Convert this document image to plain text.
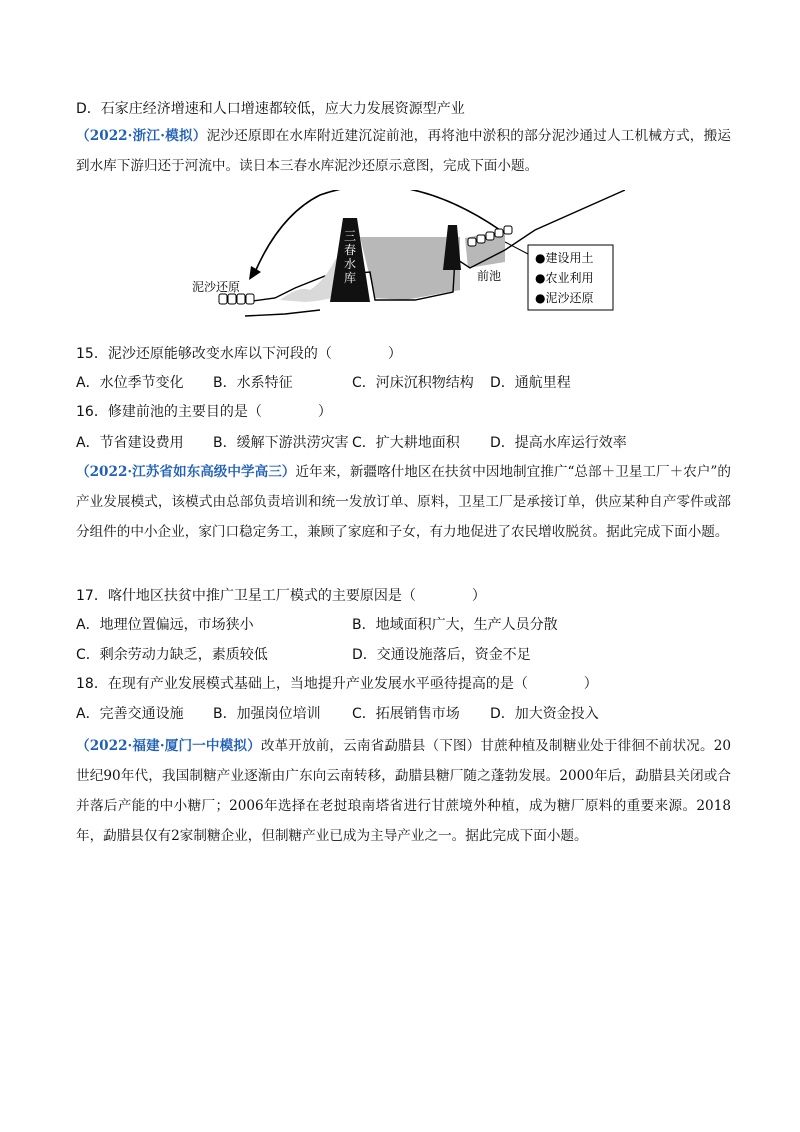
D．石家庄经济增速和人口增速都较低，应大力发展资源型产业
（2022·浙江·模拟）泥沙还原即在水库附近建沉淀前池，再将池中淤积的部分泥沙通过人工机械方式，搬运到水库下游归还于河流中。读日本三春水库泥沙还原示意图，完成下面小题。
三
春
水
库
泥沙还原
前池
●建设用土
●农业利用
●泥沙还原
15．泥沙还原能够改变水库以下河段的（　　　　）
A．水位季节变化 B．水系特征	C．河床沉积物结构 D．通航里程
16．修建前池的主要目的是（　　　　）
A．节省建设费用 B．缓解下游洪涝灾害 C．扩大耕地面积 D．提高水库运行效率
（2022·江苏省如东高级中学高三）近年来，新疆喀什地区在扶贫中因地制宜推广“总部＋卫星工厂＋农户”的产业发展模式，该模式由总部负责培训和统一发放订单、原料，卫星工厂是承接订单，供应某种自产零件或部分组件的中小企业，家门口稳定务工，兼顾了家庭和子女，有力地促进了农民增收脱贫。据此完成下面小题。
17．喀什地区扶贫中推广卫星工厂模式的主要原因是（　　　　）
A．地理位置偏远，市场狭小	B．地域面积广大，生产人员分散
C．剩余劳动力缺乏，素质较低	D．交通设施落后，资金不足
18．在现有产业发展模式基础上，当地提升产业发展水平亟待提高的是（　　　　）
A．完善交通设施 B．加强岗位培训 C．拓展销售市场 D．加大资金投入
（2022·福建·厦门一中模拟）改革开放前，云南省勐腊县（下图）甘蔗种植及制糖业处于徘徊不前状况。20世纪90年代，我国制糖产业逐渐由广东向云南转移，勐腊县糖厂随之蓬勃发展。2000年后，勐腊县关闭或合并落后产能的中小糖厂；2006年选择在老挝琅南塔省进行甘蔗境外种植，成为糖厂原料的重要来源。2018年，勐腊县仅有2家制糖企业，但制糖产业已成为主导产业之一。据此完成下面小题。
